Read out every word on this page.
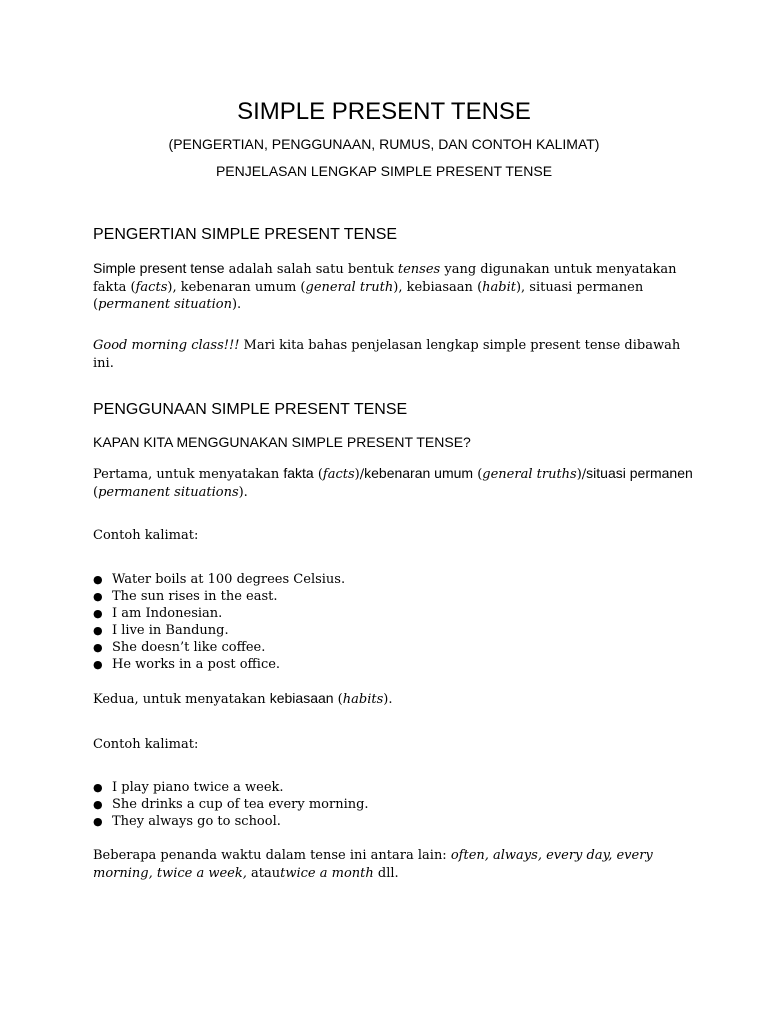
SIMPLE PRESENT TENSE
(PENGERTIAN, PENGGUNAAN, RUMUS, DAN CONTOH KALIMAT)
PENJELASAN LENGKAP SIMPLE PRESENT TENSE
PENGERTIAN SIMPLE PRESENT TENSE
Simple present tense adalah salah satu bentuk tenses yang digunakan untuk menyatakan fakta (facts), kebenaran umum (general truth), kebiasaan (habit), situasi permanen (permanent situation).
Good morning class!!! Mari kita bahas penjelasan lengkap simple present tense dibawah ini.
PENGGUNAAN SIMPLE PRESENT TENSE
KAPAN KITA MENGGUNAKAN SIMPLE PRESENT TENSE?
Pertama, untuk menyatakan fakta (facts)/kebenaran umum (general truths)/situasi permanen (permanent situations).
Contoh kalimat:
● Water boils at 100 degrees Celsius.
● The sun rises in the east.
● I am Indonesian.
● I live in Bandung.
● She doesn’t like coffee.
● He works in a post office.
Kedua, untuk menyatakan kebiasaan (habits).
Contoh kalimat:
● I play piano twice a week.
● She drinks a cup of tea every morning.
● They always go to school.
Beberapa penanda waktu dalam tense ini antara lain: often, always, every day, every morning, twice a week, atautwice a month dll.
